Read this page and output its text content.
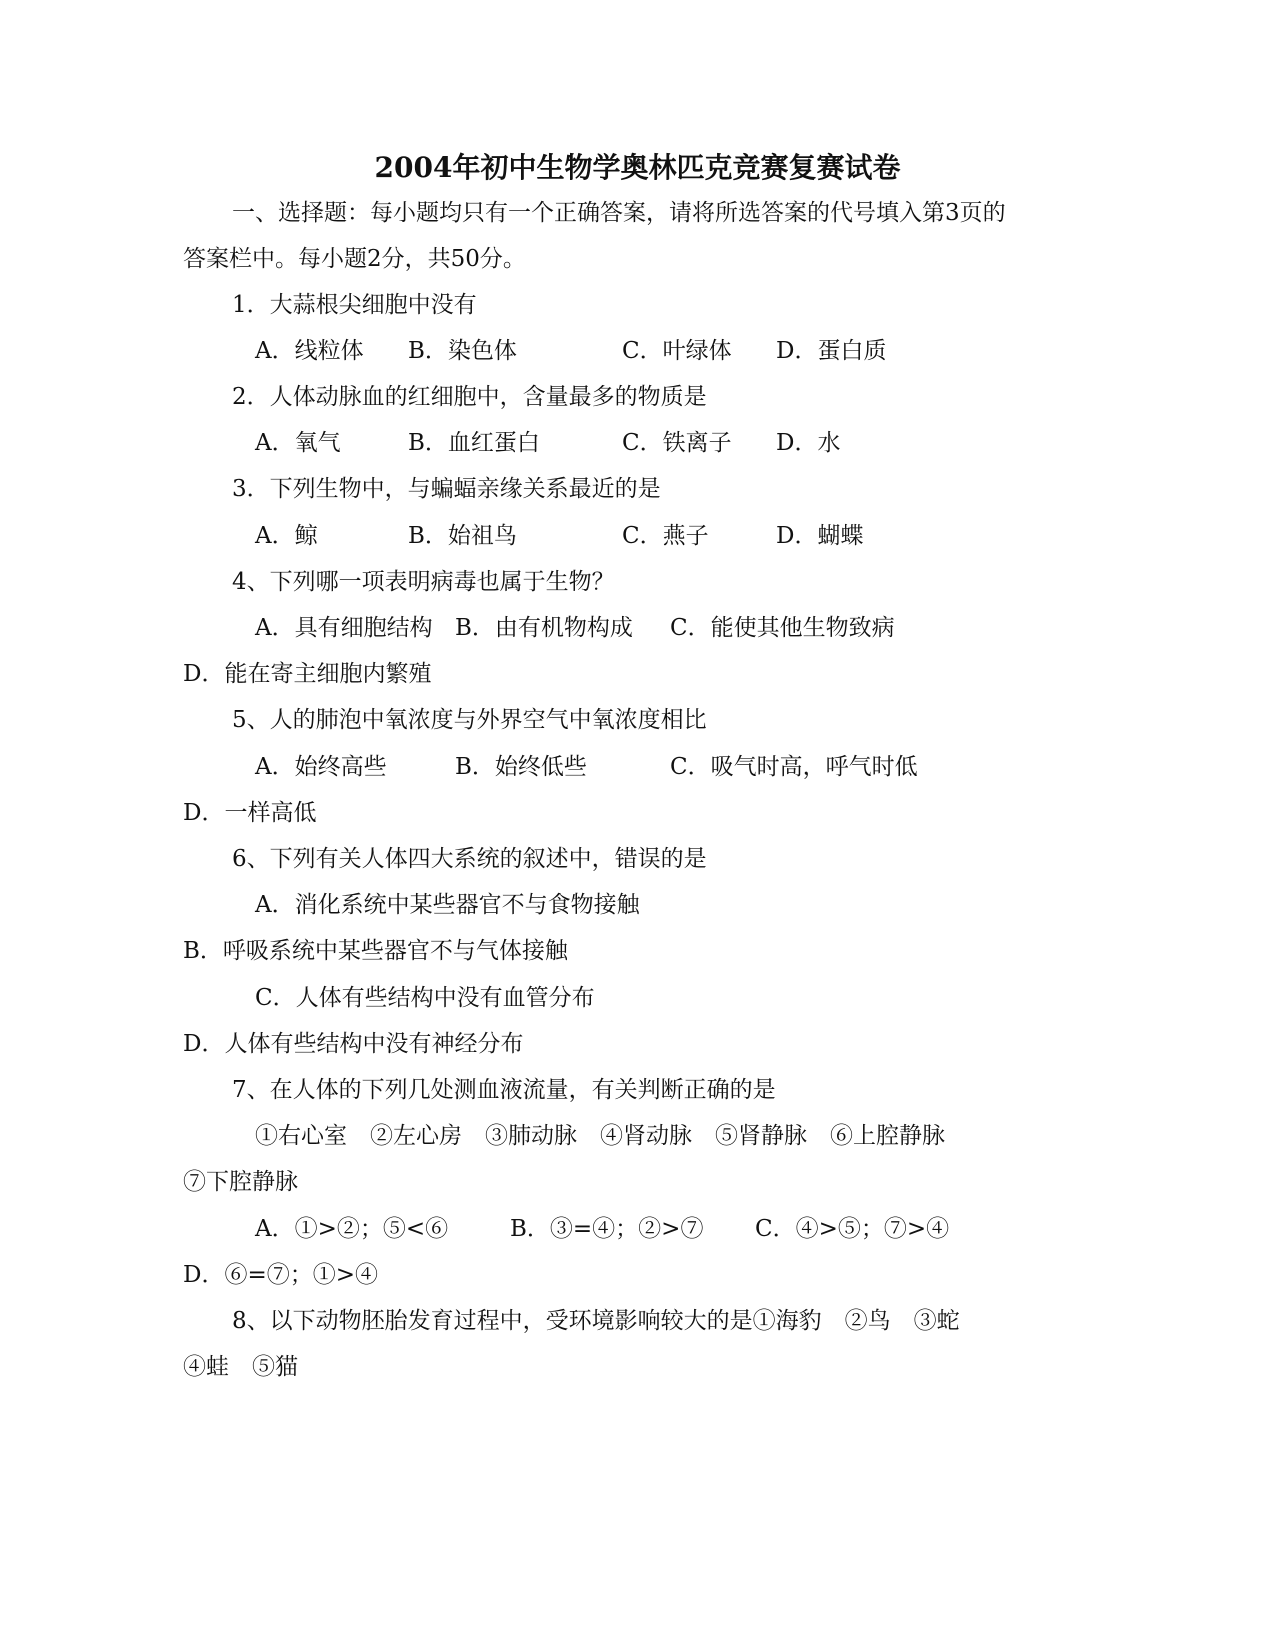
2004年初中生物学奥林匹克竞赛复赛试卷

一、选择题：每小题均只有一个正确答案，请将所选答案的代号填入第3页的

答案栏中。每小题2分，共50分。

1．大蒜根尖细胞中没有

A．线粒体 B．染色体	C．叶绿体 D．蛋白质

2．人体动脉血的红细胞中，含量最多的物质是

A．氧气	B．血红蛋白	C．铁离子 D．水

3．下列生物中，与蝙蝠亲缘关系最近的是

A．鲸	B．始祖鸟	C．燕子	D．蝴蝶

4、下列哪一项表明病毒也属于生物？

A．具有细胞结构 B．由有机物构成 C．能使其他生物致病
D．能在寄主细胞内繁殖

5、人的肺泡中氧浓度与外界空气中氧浓度相比

A．始终高些	B．始终低些	C．吸气时高，呼气时低
D．一样高低

6、下列有关人体四大系统的叙述中，错误的是

A．消化系统中某些器官不与食物接触
B．呼吸系统中某些器官不与气体接触
C．人体有些结构中没有血管分布
D．人体有些结构中没有神经分布

7、在人体的下列几处测血液流量，有关判断正确的是

①右心室　②左心房　③肺动脉　④肾动脉　⑤肾静脉　⑥上腔静脉

⑦下腔静脉

A．①>②；⑤<⑥	B．③=④；②>⑦ C．④>⑤；⑦>④
D．⑥=⑦；①>④

8、以下动物胚胎发育过程中，受环境影响较大的是①海豹　②鸟　③蛇

④蛙　⑤猫
